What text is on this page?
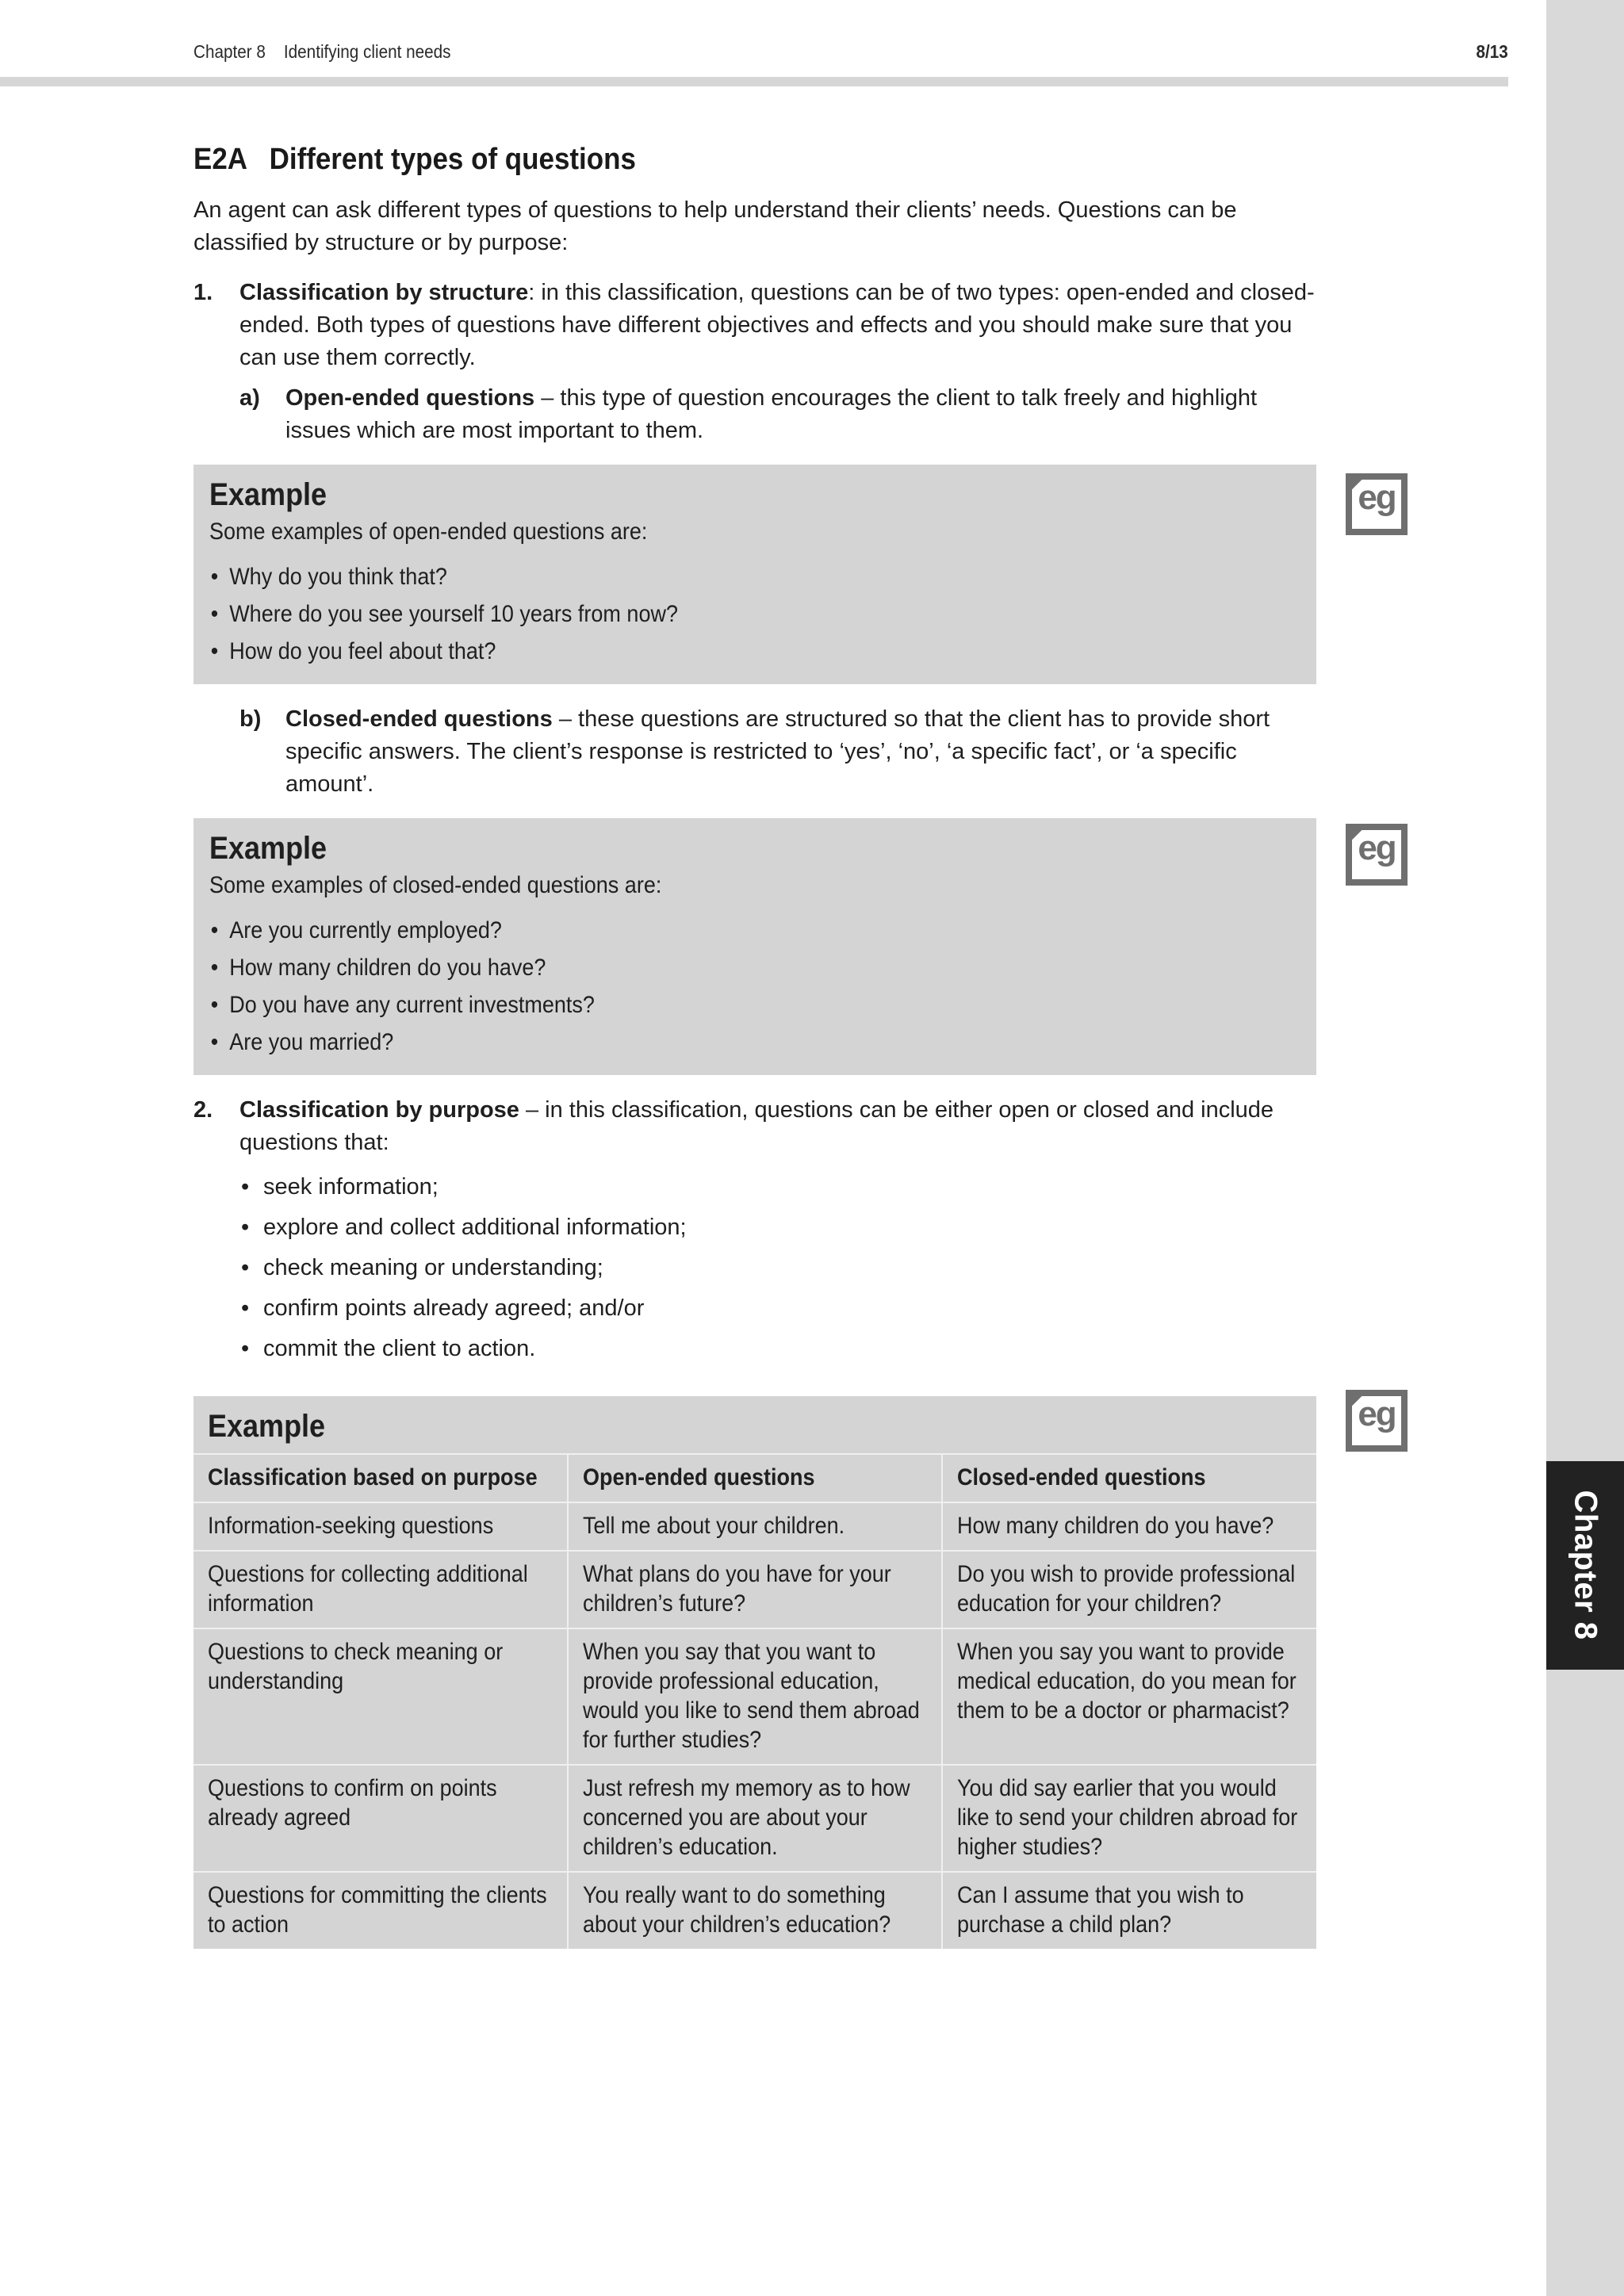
Chapter 8    Identifying client needs	8/13
Chapter 8
eg
eg
eg
E2A Different types of questions

An agent can ask different types of questions to help understand their clients’ needs. Questions can be classified by structure or by purpose:

1. Classification by structure: in this classification, questions can be of two types: open-ended and closed-ended. Both types of questions have different objectives and effects and you should make sure that you can use them correctly.

a) Open-ended questions – this type of question encourages the client to talk freely and highlight issues which are most important to them.

Example
Some examples of open-ended questions are:
• Why do you think that?
• Where do you see yourself 10 years from now?
• How do you feel about that?
b) Closed-ended questions – these questions are structured so that the client has to provide short specific answers. The client’s response is restricted to ‘yes’, ‘no’, ‘a specific fact’, or ‘a specific amount’.

Example
Some examples of closed-ended questions are:
• Are you currently employed?
• How many children do you have?
• Do you have any current investments?
• Are you married?
2. Classification by purpose – in this classification, questions can be either open or closed and include questions that:

• seek information;
• explore and collect additional information;
• check meaning or understanding;
• confirm points already agreed; and/or
• commit the client to action.
Example
Classification based on purpose	Open-ended questions	Closed-ended questions

Information-seeking questions	Tell me about your children.	How many children do you have?

Questions for collecting additional information	What plans do you have for your children’s future?	Do you wish to provide professional education for your children?

Questions to check meaning or understanding	When you say that you want to provide professional education, would you like to send them abroad for further studies?	When you say you want to provide medical education, do you mean for them to be a doctor or pharmacist?

Questions to confirm on points already agreed	Just refresh my memory as to how concerned you are about your children’s education.	You did say earlier that you would like to send your children abroad for higher studies?

Questions for committing the clients to action	You really want to do something about your children’s education?	Can I assume that you wish to purchase a child plan?
